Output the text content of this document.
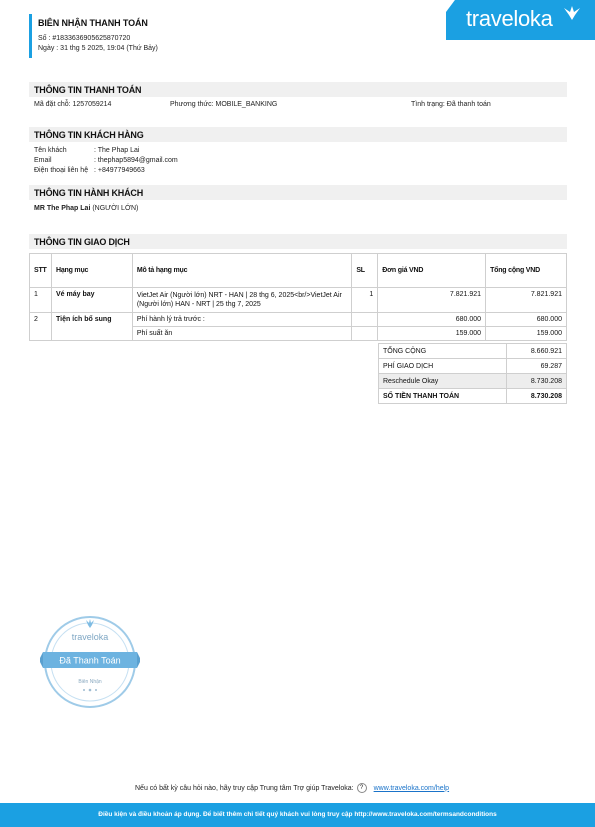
BIÊN NHẬN THANH TOÁN
Số : #1833636905625870720
Ngày : 31 thg 5 2025, 19:04 (Thứ Bảy)
traveloka
THÔNG TIN THANH TOÁN
Mã đặt chỗ: 1257059214	Phương thức: MOBILE_BANKING	Tình trạng: Đã thanh toán
THÔNG TIN KHÁCH HÀNG
Tên khách	: The Phap Lai
Email	: thephap5894@gmail.com
Điện thoại liên hệ : +84977949663
THÔNG TIN HÀNH KHÁCH
MR The Phap Lai (NGƯỜI LỚN)
THÔNG TIN GIAO DỊCH
STT	Hạng mục	Mô tả hạng mục	SL	Đơn giá VND	Tổng cộng VND
1	Vé máy bay	VietJet Air (Người lớn) NRT - HAN | 28 thg 6, 2025<br/>VietJet Air (Người lớn) HAN - NRT | 25 thg 7, 2025	1	7.821.921	7.821.921
2	Tiện ích bổ sung	Phí hành lý trả trước :		680.000	680.000
		Phí suất ăn		159.000	159.000
TỔNG CỘNG	8.660.921
PHÍ GIAO DỊCH	69.287
Reschedule Okay	8.730.208
SỐ TIỀN THANH TOÁN	8.730.208
traveloka
Đã Thanh Toán
Biên Nhận
Nếu có bất kỳ câu hỏi nào, hãy truy cập Trung tâm Trợ giúp Traveloka: ? www.traveloka.com/help
Điều kiện và điều khoản áp dụng. Để biết thêm chi tiết quý khách vui lòng truy cập http://www.traveloka.com/termsandconditions
